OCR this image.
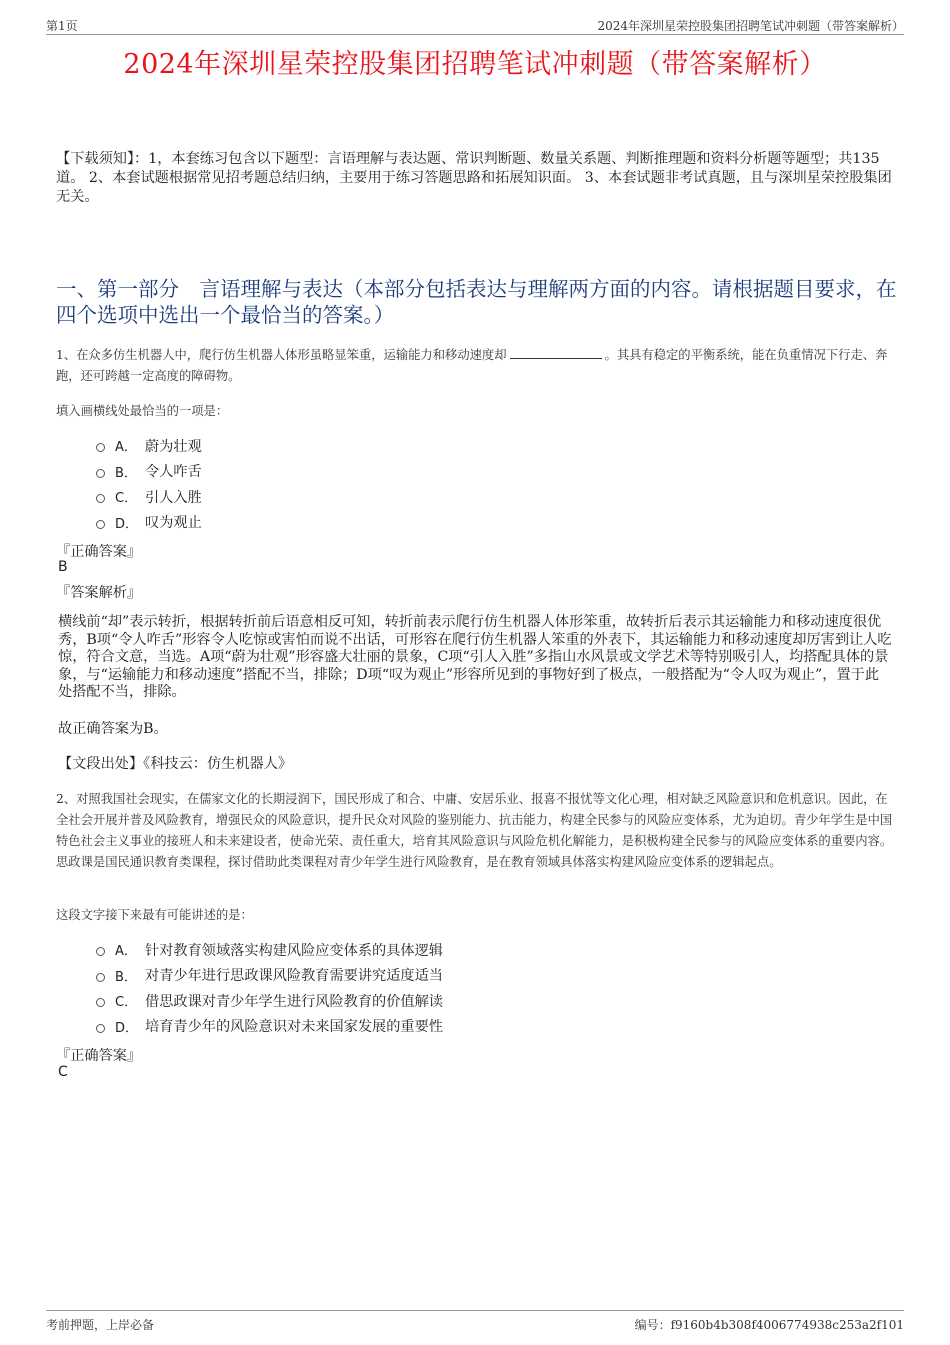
第1页	2024年深圳星荣控股集团招聘笔试冲刺题（带答案解析）
2024年深圳星荣控股集团招聘笔试冲刺题（带答案解析）
【下载须知】：1，本套练习包含以下题型：言语理解与表达题、常识判断题、数量关系题、判断推理题和资料分析题等题型；共135道。 2、本套试题根据常见招考题总结归纳，主要用于练习答题思路和拓展知识面。 3、本套试题非考试真题，且与深圳星荣控股集团无关。
一、第一部分　言语理解与表达（本部分包括表达与理解两方面的内容。请根据题目要求，在四个选项中选出一个最恰当的答案。）
1、在众多仿生机器人中，爬行仿生机器人体形虽略显笨重，运输能力和移动速度却	。其具有稳定的平衡系统，能在负重情况下行走、奔跑，还可跨越一定高度的障碍物。
填入画横线处最恰当的一项是：
A． 蔚为壮观
B． 令人咋舌
C． 引人入胜
D． 叹为观止
『正确答案』
B
『答案解析』
横线前“却”表示转折，根据转折前后语意相反可知，转折前表示爬行仿生机器人体形笨重，故转折后表示其运输能力和移动速度很优秀，B项“令人咋舌”形容令人吃惊或害怕而说不出话，可形容在爬行仿生机器人笨重的外表下，其运输能力和移动速度却厉害到让人吃惊，符合文意，当选。A项“蔚为壮观”形容盛大壮丽的景象，C项“引人入胜”多指山水风景或文学艺术等特别吸引人，均搭配具体的景象，与“运输能力和移动速度”搭配不当，排除；D项“叹为观止”形容所见到的事物好到了极点，一般搭配为“令人叹为观止”，置于此处搭配不当，排除。
故正确答案为B。
【文段出处】《科技云：仿生机器人》
2、对照我国社会现实，在儒家文化的长期浸润下，国民形成了和合、中庸、安居乐业、报喜不报忧等文化心理，相对缺乏风险意识和危机意识。因此，在全社会开展并普及风险教育，增强民众的风险意识，提升民众对风险的鉴别能力、抗击能力，构建全民参与的风险应变体系，尤为迫切。青少年学生是中国特色社会主义事业的接班人和未来建设者，使命光荣、责任重大，培育其风险意识与风险危机化解能力，是积极构建全民参与的风险应变体系的重要内容。思政课是国民通识教育类课程，探讨借助此类课程对青少年学生进行风险教育，是在教育领域具体落实构建风险应变体系的逻辑起点。
这段文字接下来最有可能讲述的是：
A． 针对教育领域落实构建风险应变体系的具体逻辑
B． 对青少年进行思政课风险教育需要讲究适度适当
C． 借思政课对青少年学生进行风险教育的价值解读
D． 培育青少年的风险意识对未来国家发展的重要性
『正确答案』
C
考前押题，上岸必备	编号：f9160b4b308f4006774938c253a2f101
